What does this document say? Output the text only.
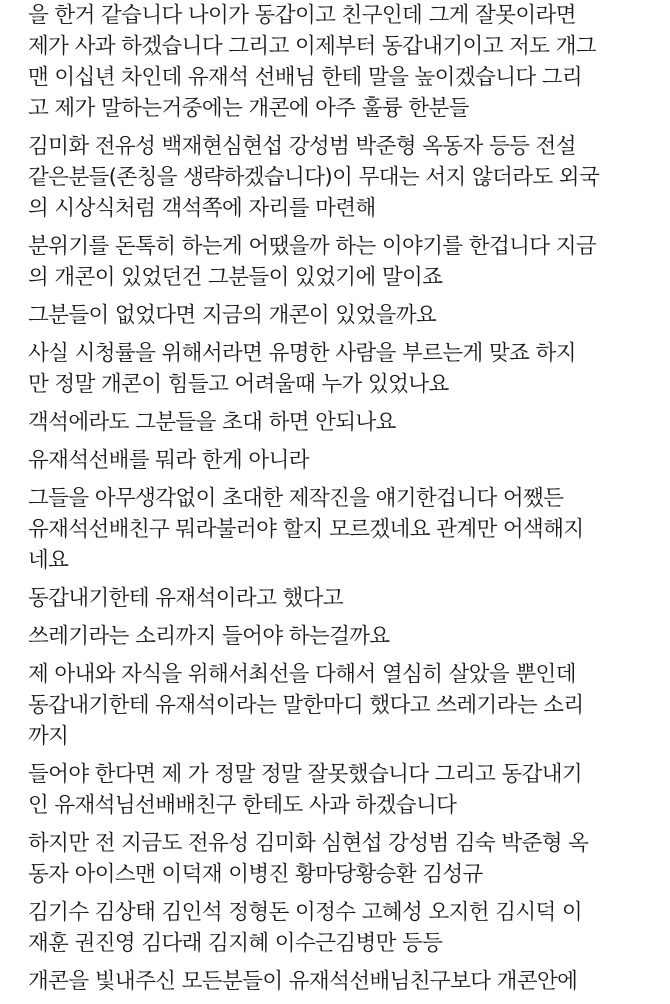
을 한거 같습니다 나이가 동갑이고 친구인데 그게 잘못이라면
제가 사과 하겠습니다 그리고 이제부터 동갑내기이고 저도 개그
맨 이십년 차인데 유재석 선배님 한테 말을 높이겠습니다 그리
고 제가 말하는거중에는 개콘에 아주 훌륭 한분들
김미화 전유성 백재현심현섭 강성범 박준형 옥동자 등등 전설
같은분들(존칭을 생략하겠습니다)이 무대는 서지 않더라도 외국
의 시상식처럼 객석쪽에 자리를 마련해
분위기를 돈톡히 하는게 어땠을까 하는 이야기를 한겁니다 지금
의 개콘이 있었던건 그분들이 있었기에 말이죠
그분들이 없었다면 지금의 개콘이 있었을까요
사실 시청률을 위해서라면 유명한 사람을 부르는게 맞죠 하지
만 정말 개콘이 힘들고 어려울때 누가 있었나요
객석에라도 그분들을 초대 하면 안되나요
유재석선배를 뭐라 한게 아니라
그들을 아무생각없이 초대한 제작진을 얘기한겁니다 어쨌든
유재석선배친구 뭐라불러야 할지 모르겠네요 관계만 어색해지
네요
동갑내기한테 유재석이라고 했다고
쓰레기라는 소리까지 들어야 하는걸까요
제 아내와 자식을 위해서최선을 다해서 열심히 살았을 뿐인데
동갑내기한테 유재석이라는 말한마디 했다고 쓰레기라는 소리
까지
들어야 한다면 제 가 정말 정말 잘못했습니다 그리고 동갑내기
인 유재석님선배배친구 한테도 사과 하겠습니다
하지만 전 지금도 전유성 김미화 심현섭 강성범 김숙 박준형 옥
동자 아이스맨 이덕재 이병진 황마당황승환 김성규
김기수 김상태 김인석 정형돈 이정수 고혜성 오지헌 김시덕 이
재훈 권진영 김다래 김지혜 이수근김병만 등등
개콘을 빛내주신 모든분들이 유재석선배님친구보다 개콘안에
